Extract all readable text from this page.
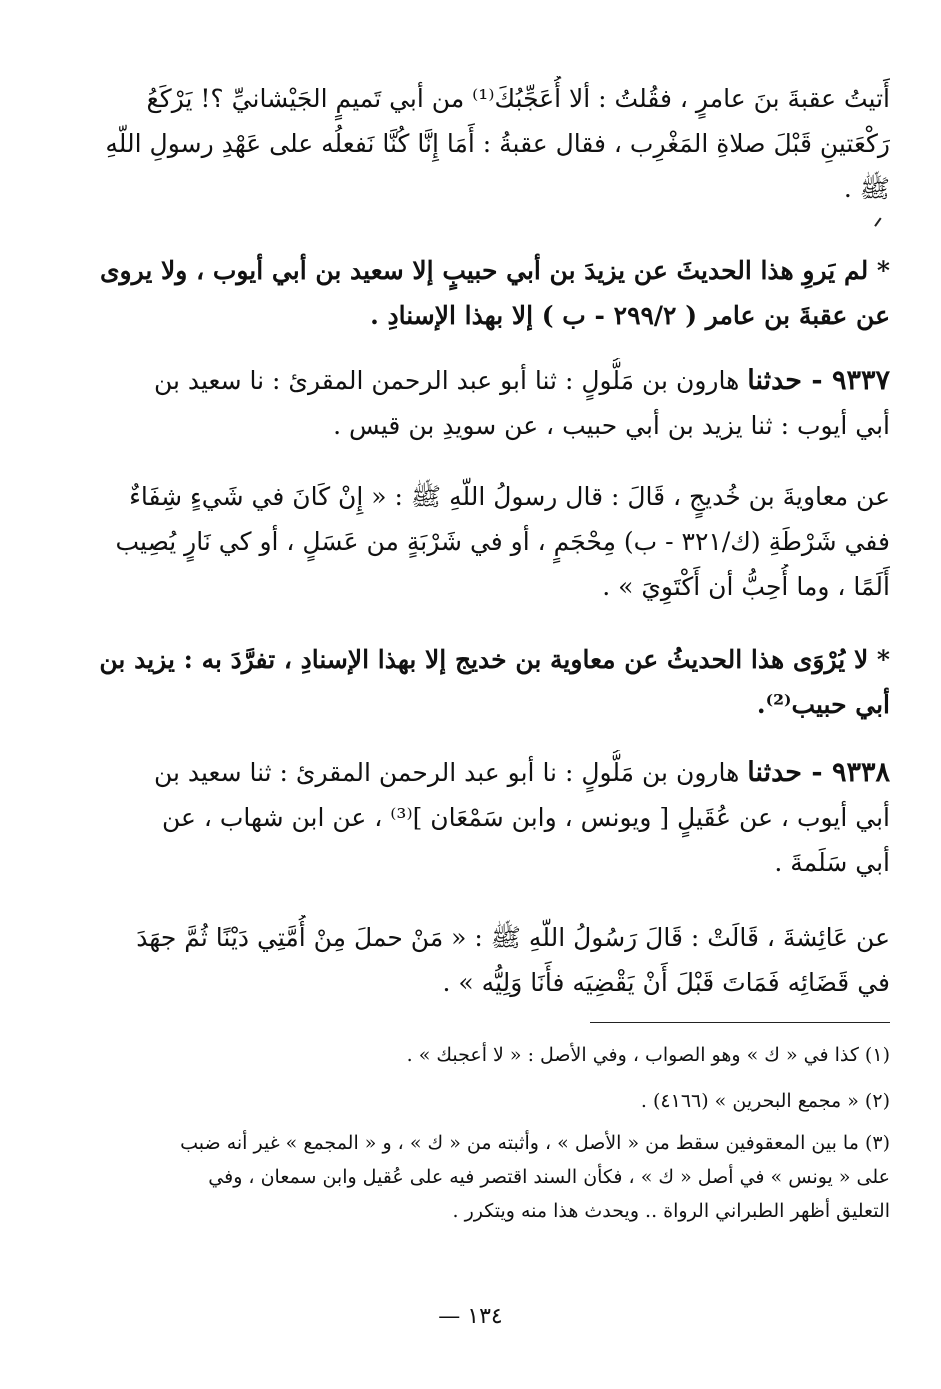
أَتيتُ عقبةَ بنَ عامرٍ ، فقُلتُ : ألا أُعَجِّبُكَ⁽¹⁾ من أبي تَميمٍ الجَيْشانيِّ ؟! يَرْكَعُ
رَكْعَتينِ قَبْلَ صلاةِ المَغْرِب ، فقال عقبةُ : أَمَا إِنَّا كُنَّا نَفعلُه على عَهْدِ رسولِ اللّهِ
ﷺ .
* لم يَروِ هذا الحديثَ عن يزيدَ بن أبي حبيبٍ إلا سعيد بن أبي أيوب ، ولا يروى
عن عقبةَ بن عامر ( ٢٩٩/٢ - ب ) إلا بهذا الإسنادِ .
٩٣٣٧ - حدثنا هارون بن مَلُّولٍ : ثنا أبو عبد الرحمن المقرئ : نا سعيد بن
أبي أيوب : ثنا يزيد بن أبي حبيب ، عن سويدِ بن قيس .
عن معاويةَ بن خُديجٍ ، قَالَ : قال رسولُ اللّهِ ﷺ : « إِنْ كَانَ في شَيءٍ شِفَاءٌ
ففي شَرْطَةِ (ك/٣٢١ - ب) مِحْجَمٍ ، أو في شَرْبَةٍ من عَسَلٍ ، أو كي نَارٍ يُصِيب
أَلَمًا ، وما أُحِبُّ أن أَكْتَوِيَ » .
* لا يُرْوَى هذا الحديثُ عن معاوية بن خديج إلا بهذا الإسنادِ ، تفرَّدَ به : يزيد بن
أبي حبيب⁽²⁾.
٩٣٣٨ - حدثنا هارون بن مَلُّولٍ : نا أبو عبد الرحمن المقرئ : ثنا سعيد بن
أبي أيوب ، عن عُقَيلٍ [ ويونس ، وابن سَمْعَان ]⁽³⁾ ، عن ابن شهاب ، عن
أبي سَلَمةَ .
عن عَائِشةَ ، قَالَتْ : قَالَ رَسُولُ اللّهِ ﷺ : « مَنْ حملَ مِنْ أُمَّتِي دَيْنًا ثُمَّ جهَدَ
في قَضَائِه فَمَاتَ قَبْلَ أَنْ يَقْضِيَه فأَنَا وَلِيُّه » .
(١) كذا في « ك » وهو الصواب ، وفي الأصل : « لا أعجبك » .
(٢) « مجمع البحرين » (٤١٦٦) .
(٣) ما بين المعقوفين سقط من « الأصل » ، وأثبته من « ك » ، و « المجمع » غير أنه ضبب
على « يونس » في أصل « ك » ، فكأن السند اقتصر فيه على عُقيل وابن سمعان ، وفي
التعليق أظهر الطبراني الرواة .. ويحدث هذا منه ويتكرر .
١٣٤ —
